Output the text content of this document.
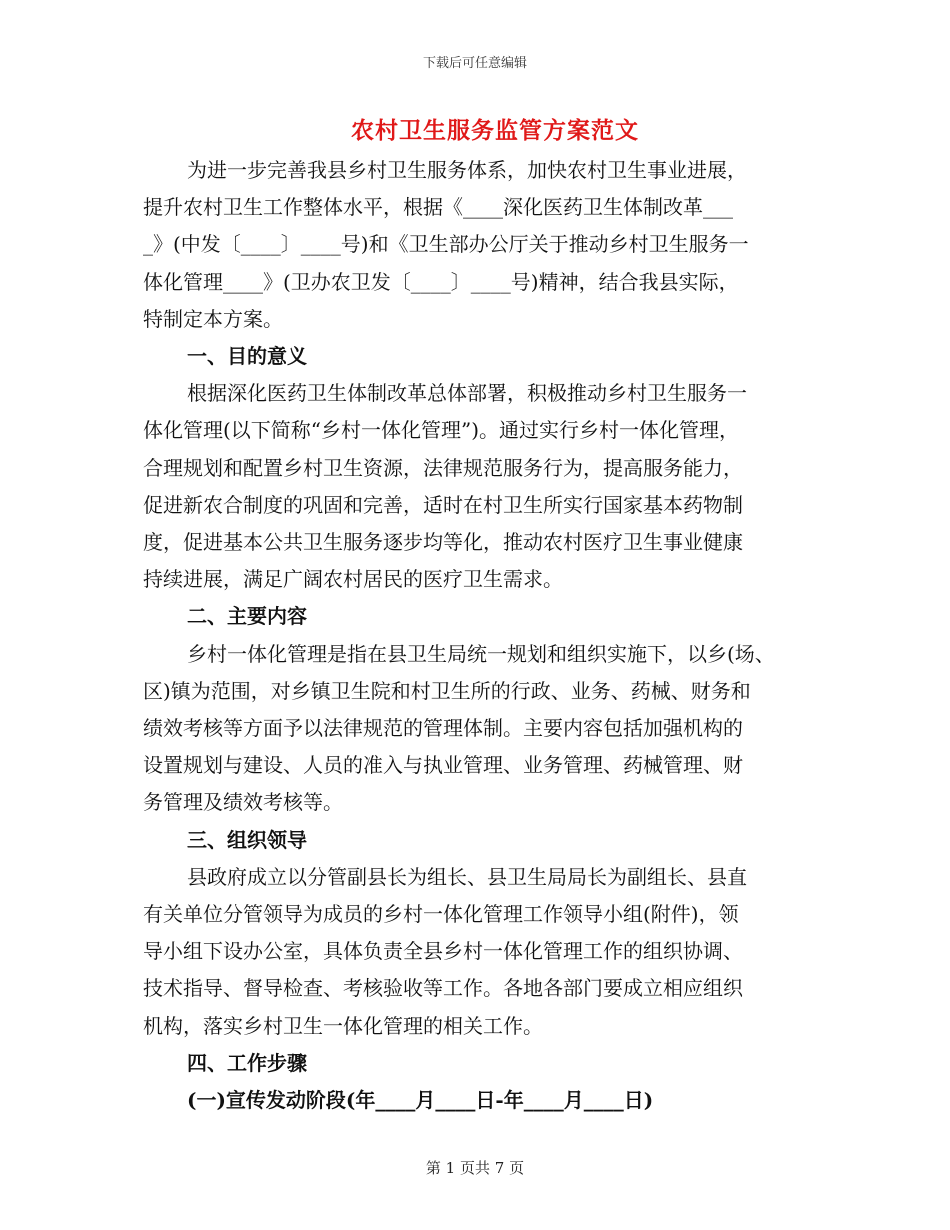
下载后可任意编辑
农村卫生服务监管方案范文

为进一步完善我县乡村卫生服务体系，加快农村卫生事业进展，

提升农村卫生工作整体水平，根据《____深化医药卫生体制改革___

_》(中发〔____〕____号)和《卫生部办公厅关于推动乡村卫生服务一

体化管理____》(卫办农卫发〔____〕____号)精神，结合我县实际，

特制定本方案。

一、目的意义

根据深化医药卫生体制改革总体部署，积极推动乡村卫生服务一

体化管理(以下简称“乡村一体化管理”)。通过实行乡村一体化管理，

合理规划和配置乡村卫生资源，法律规范服务行为，提高服务能力，

促进新农合制度的巩固和完善，适时在村卫生所实行国家基本药物制

度，促进基本公共卫生服务逐步均等化，推动农村医疗卫生事业健康

持续进展，满足广阔农村居民的医疗卫生需求。

二、主要内容

乡村一体化管理是指在县卫生局统一规划和组织实施下，以乡(场、

区)镇为范围，对乡镇卫生院和村卫生所的行政、业务、药械、财务和

绩效考核等方面予以法律规范的管理体制。主要内容包括加强机构的

设置规划与建设、人员的准入与执业管理、业务管理、药械管理、财

务管理及绩效考核等。

三、组织领导

县政府成立以分管副县长为组长、县卫生局局长为副组长、县直

有关单位分管领导为成员的乡村一体化管理工作领导小组(附件)，领

导小组下设办公室，具体负责全县乡村一体化管理工作的组织协调、

技术指导、督导检查、考核验收等工作。各地各部门要成立相应组织

机构，落实乡村卫生一体化管理的相关工作。

四、工作步骤

(一)宣传发动阶段(年____月____日-年____月____日)

第 1 页共 7 页
